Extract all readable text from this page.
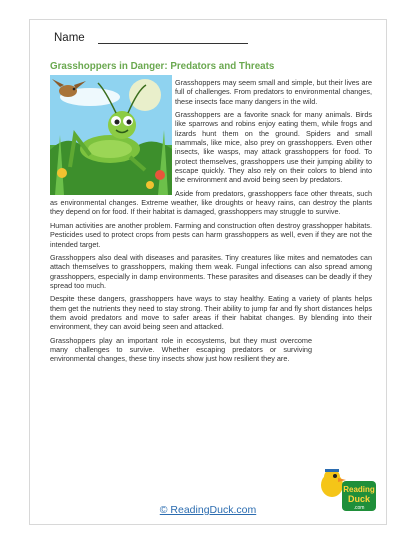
Name
Grasshoppers in Danger: Predators and Threats

Grasshoppers may seem small and simple, but their lives are full of challenges. From predators to environmental changes, these insects face many dangers in the wild.

Grasshoppers are a favorite snack for many animals. Birds like sparrows and robins enjoy eating them, while frogs and lizards hunt them on the ground. Spiders and small mammals, like mice, also prey on grasshoppers. Even other insects, like wasps, may attack grasshoppers for food. To protect themselves, grasshoppers use their jumping ability to escape quickly. They also rely on their colors to blend into the environment and avoid being seen by predators.

Aside from predators, grasshoppers face other threats, such as environmental changes. Extreme weather, like droughts or heavy rains, can destroy the plants they depend on for food. If their habitat is damaged, grasshoppers may struggle to survive.

Human activities are another problem. Farming and construction often destroy grasshopper habitats. Pesticides used to protect crops from pests can harm grasshoppers as well, even if they are not the intended target.

Grasshoppers also deal with diseases and parasites. Tiny creatures like mites and nematodes can attach themselves to grasshoppers, making them weak. Fungal infections can also spread among grasshoppers, especially in damp environments. These parasites and diseases can be deadly if they spread too much.

Despite these dangers, grasshoppers have ways to stay healthy. Eating a variety of plants helps them get the nutrients they need to stay strong. Their ability to jump far and fly short distances helps them avoid predators and move to safer areas if their habitat changes. By blending into their environment, they can avoid being seen and attacked.

Grasshoppers play an important role in ecosystems, but they must overcome many challenges to survive. Whether escaping predators or surviving environmental changes, these tiny insects show just how resilient they are.

© ReadingDuck.com
Reading
Duck
.com
